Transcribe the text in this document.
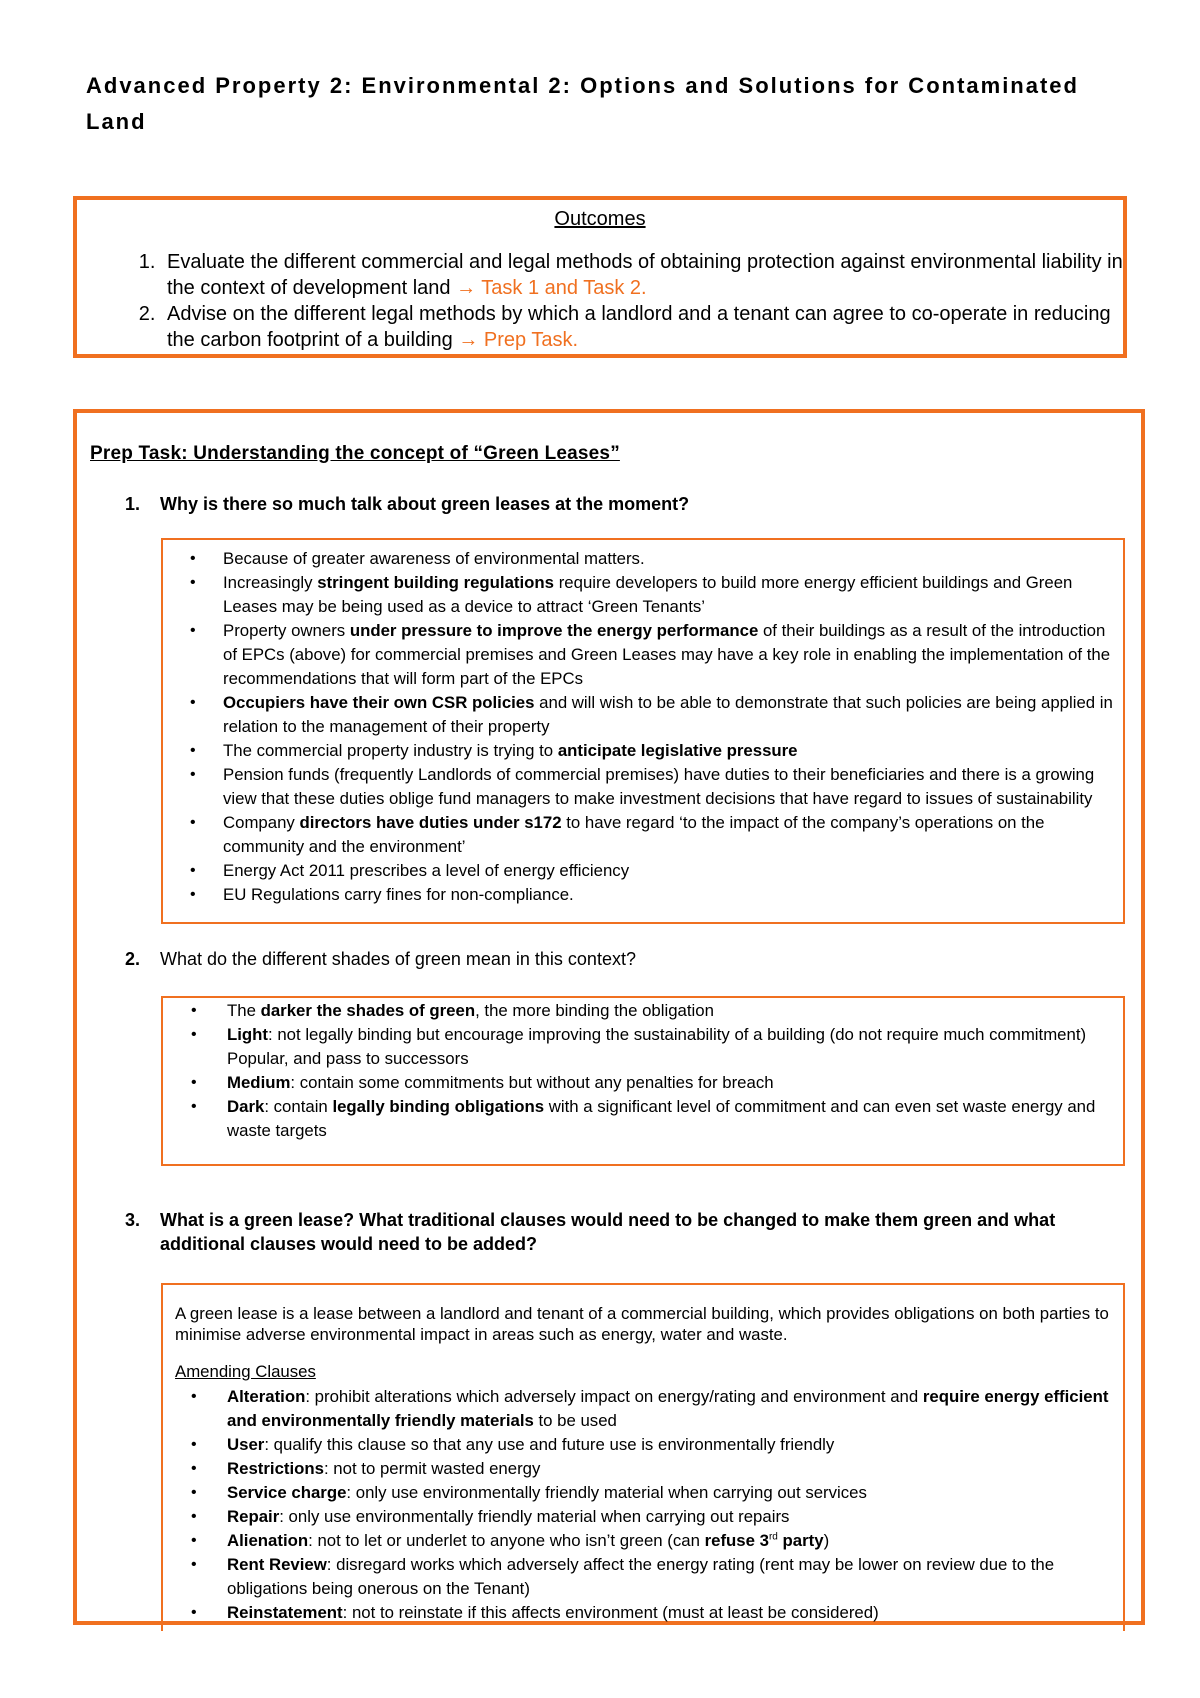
Advanced Property 2: Environmental 2: Options and Solutions for Contaminated Land
Outcomes
1. Evaluate the different commercial and legal methods of obtaining protection against environmental liability in the context of development land → Task 1 and Task 2.
2. Advise on the different legal methods by which a landlord and a tenant can agree to co-operate in reducing the carbon footprint of a building → Prep Task.
Prep Task: Understanding the concept of “Green Leases”
1.	Why is there so much talk about green leases at the moment?
• Because of greater awareness of environmental matters.
• Increasingly stringent building regulations require developers to build more energy efficient buildings and Green Leases may be being used as a device to attract ‘Green Tenants’
• Property owners under pressure to improve the energy performance of their buildings as a result of the introduction of EPCs (above) for commercial premises and Green Leases may have a key role in enabling the implementation of the recommendations that will form part of the EPCs
• Occupiers have their own CSR policies and will wish to be able to demonstrate that such policies are being applied in relation to the management of their property
• The commercial property industry is trying to anticipate legislative pressure
• Pension funds (frequently Landlords of commercial premises) have duties to their beneficiaries and there is a growing view that these duties oblige fund managers to make investment decisions that have regard to issues of sustainability
• Company directors have duties under s172 to have regard ‘to the impact of the company’s operations on the community and the environment’
• Energy Act 2011 prescribes a level of energy efficiency
• EU Regulations carry fines for non-compliance.
2.	What do the different shades of green mean in this context?
• The darker the shades of green, the more binding the obligation
• Light: not legally binding but encourage improving the sustainability of a building (do not require much commitment) Popular, and pass to successors
• Medium: contain some commitments but without any penalties for breach
• Dark: contain legally binding obligations with a significant level of commitment and can even set waste energy and waste targets
3.	What is a green lease? What traditional clauses would need to be changed to make them green and what additional clauses would need to be added?

A green lease is a lease between a landlord and tenant of a commercial building, which provides obligations on both parties to minimise adverse environmental impact in areas such as energy, water and waste.

Amending Clauses

• Alteration: prohibit alterations which adversely impact on energy/rating and environment and require energy efficient and environmentally friendly materials to be used
• User: qualify this clause so that any use and future use is environmentally friendly
• Restrictions: not to permit wasted energy
• Service charge: only use environmentally friendly material when carrying out services
• Repair: only use environmentally friendly material when carrying out repairs
• Alienation: not to let or underlet to anyone who isn’t green (can refuse 3rd party)
• Rent Review: disregard works which adversely affect the energy rating (rent may be lower on review due to the obligations being onerous on the Tenant)
• Reinstatement: not to reinstate if this affects environment (must at least be considered)
